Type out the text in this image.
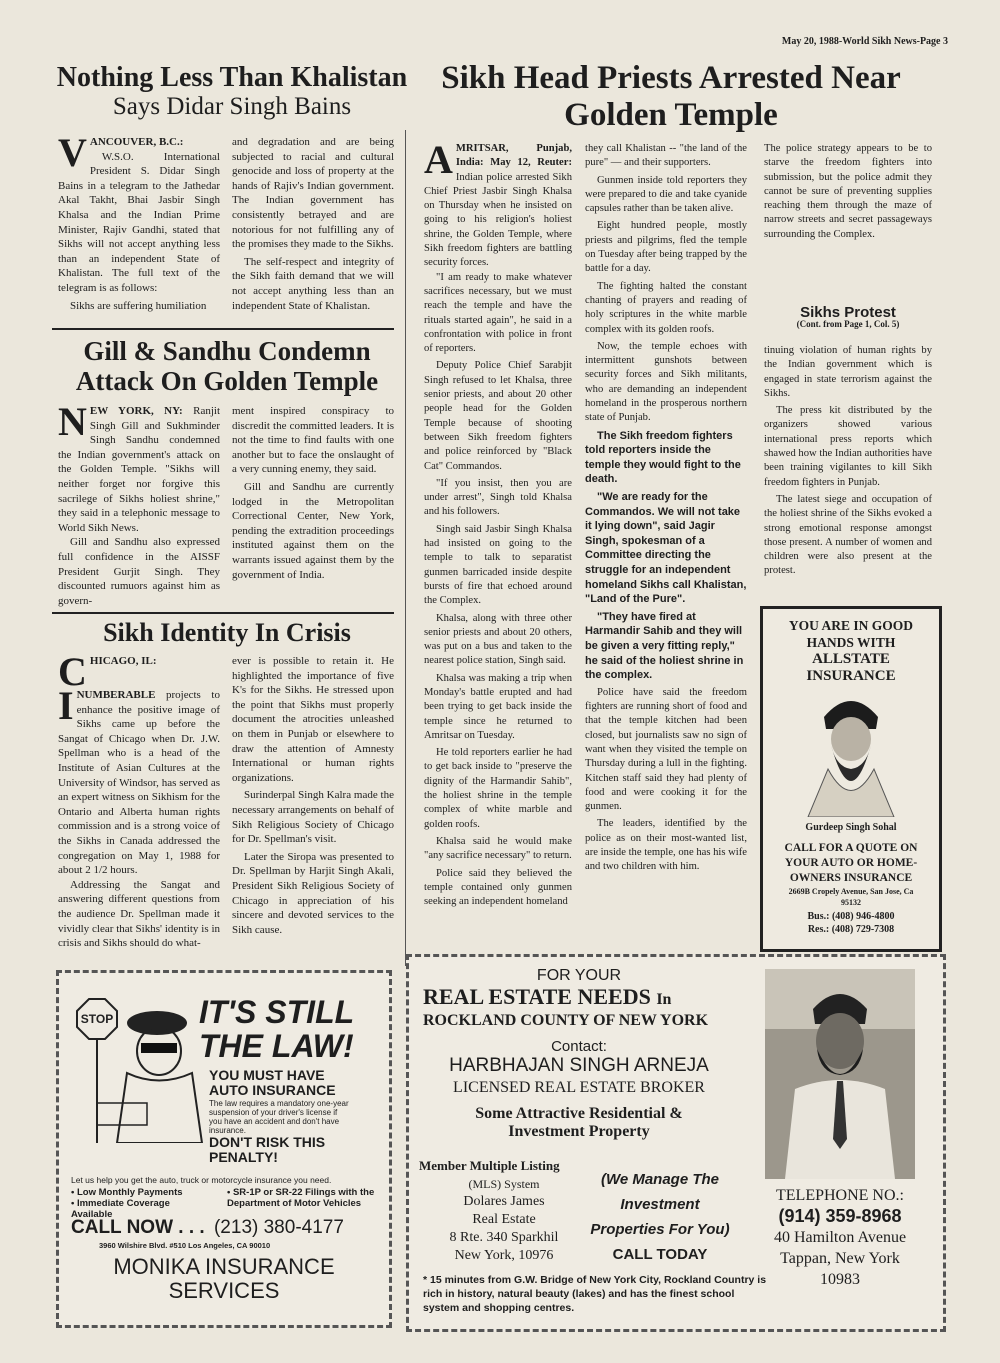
May 20, 1988-World Sikh News-Page 3
Nothing Less Than Khalistan
Says Didar Singh Bains
VANCOUVER, B.C.:

W.S.O. International President S. Didar Singh Bains in a telegram to the Jathedar Akal Takht, Bhai Jasbir Singh Khalsa and the Indian Prime Minister, Rajiv Gandhi, stated that Sikhs will not accept anything less than an independent State of Khalistan. The full text of the telegram is as follows:

Sikhs are suffering humiliation

and degradation and are being subjected to racial and cultural genocide and loss of property at the hands of Rajiv's Indian government. The Indian government has consistently betrayed and are notorious for not fulfilling any of the promises they made to the Sikhs.

The self-respect and integrity of the Sikh faith demand that we will not accept anything less than an independent State of Khalistan.

Gill & Sandhu Condemn
Attack On Golden Temple
NEW YORK, NY: Ranjit Singh Gill and Sukhminder Singh Sandhu condemned the Indian government's attack on the Golden Temple. "Sikhs will neither forget nor forgive this sacrilege of Sikhs holiest shrine," they said in a telephonic message to World Sikh News.

Gill and Sandhu also expressed full confidence in the AISSF President Gurjit Singh. They discounted rumuors against him as govern-

ment inspired conspiracy to discredit the committed leaders. It is not the time to find faults with one another but to face the onslaught of a very cunning enemy, they said.

Gill and Sandhu are currently lodged in the Metropolitan Correctional Center, New York, pending the extradition proceedings instituted against them on the warrants issued against them by the government of India.

Sikh Identity In Crisis
CHICAGO, IL:
I NUMBERABLE projects to enhance the positive image of Sikhs came up before the Sangat of Chicago when Dr. J.W. Spellman who is a head of the Institute of Asian Cultures at the University of Windsor, has served as an expert witness on Sikhism for the Ontario and Alberta human rights commission and is a strong voice of the Sikhs in Canada addressed the congregation on May 1, 1988 for about 2 1/2 hours.

Addressing the Sangat and answering different questions from the audience Dr. Spellman made it vividly clear that Sikhs' identity is in crisis and Sikhs should do what-

ever is possible to retain it. He highlighted the importance of five K's for the Sikhs. He stressed upon the point that Sikhs must properly document the atrocities unleashed on them in Punjab or elsewhere to draw the attention of Amnesty International or human rights organizations.

Surinderpal Singh Kalra made the necessary arrangements on behalf of Sikh Religious Society of Chicago for Dr. Spellman's visit.

Later the Siropa was presented to Dr. Spellman by Harjit Singh Akali, President Sikh Religious Society of Chicago in appreciation of his sincere and devoted services to the Sikh cause.

Sikh Head Priests Arrested Near
Golden Temple
AMRITSAR, Punjab, India: May 12, Reuter:

Indian police arrested Sikh Chief Priest Jasbir Singh Khalsa on Thursday when he insisted on going to his religion's holiest shrine, the Golden Temple, where Sikh freedom fighters are battling security forces.

"I am ready to make whatever sacrifices necessary, but we must reach the temple and have the rituals started again", he said in a confrontation with police in front of reporters.

Deputy Police Chief Sarabjit Singh refused to let Khalsa, three senior priests, and about 20 other people head for the Golden Temple because of shooting between Sikh freedom fighters and police reinforced by "Black Cat" Commandos.

"If you insist, then you are under arrest", Singh told Khalsa and his followers.

Singh said Jasbir Singh Khalsa had insisted on going to the temple to talk to separatist gunmen barricaded inside despite bursts of fire that echoed around the Complex.

Khalsa, along with three other senior priests and about 20 others, was put on a bus and taken to the nearest police station, Singh said.

Khalsa was making a trip when Monday's battle erupted and had been trying to get back inside the temple since he returned to Amritsar on Tuesday.

He told reporters earlier he had to get back inside to "preserve the dignity of the Harmandir Sahib", the holiest shrine in the temple complex of white marble and golden roofs.

Khalsa said he would make "any sacrifice necessary" to return.

Police said they believed the temple contained only gunmen seeking an independent homeland

they call Khalistan -- "the land of the pure" — and their supporters.

Gunmen inside told reporters they were prepared to die and take cyanide capsules rather than be taken alive.

Eight hundred people, mostly priests and pilgrims, fled the temple on Tuesday after being trapped by the battle for a day.

The fighting halted the constant chanting of prayers and reading of holy scriptures in the white marble complex with its golden roofs.

Now, the temple echoes with intermittent gunshots between security forces and Sikh militants, who are demanding an independent homeland in the prosperous northern state of Punjab.

The Sikh freedom fighters told reporters inside the temple they would fight to the death.

"We are ready for the Commandos. We will not take it lying down", said Jagir Singh, spokesman of a Committee directing the struggle for an independent homeland Sikhs call Khalistan, "Land of the Pure".

"They have fired at Harmandir Sahib and they will be given a very fitting reply," he said of the holiest shrine in the complex.

Police have said the freedom fighters are running short of food and that the temple kitchen had been closed, but journalists saw no sign of want when they visited the temple on Thursday during a lull in the fighting. Kitchen staff said they had plenty of food and were cooking it for the gunmen.

The leaders, identified by the police as on their most-wanted list, are inside the temple, one has his wife and two children with him.

The police strategy appears to be to starve the freedom fighters into submission, but the police admit they cannot be sure of preventing supplies reaching them through the maze of narrow streets and secret passageways surrounding the Complex.

Sikhs Protest
(Cont. from Page 1, Col. 5)

tinuing violation of human rights by the Indian government which is engaged in state terrorism against the Sikhs.

The press kit distributed by the organizers showed various international press reports which shawed how the Indian authorities have been training vigilantes to kill Sikh freedom fighters in Punjab.

The latest siege and occupation of the holiest shrine of the Sikhs evoked a strong emotional response amongst those present. A number of women and children were also present at the protest.

YOU ARE IN GOOD
HANDS WITH
ALLSTATE
INSURANCE
Gurdeep Singh Sohal
CALL FOR A QUOTE ON
YOUR AUTO OR HOME-
OWNERS INSURANCE
2669B Cropely Avenue, San Jose, Ca
95132
Bus.: (408) 946-4800
Res.: (408) 729-7308
STOP	IT'S STILL
THE LAW!
YOU MUST HAVE
AUTO INSURANCE
The law requires a mandatory one-year suspension of your driver's license if you have an accident and don't have insurance.
DON'T RISK THIS
PENALTY!
Let us help you get the auto, truck or motorcycle insurance you need.
• Low Monthly Payments
• Immediate Coverage Available
• SR-1P or SR-22 Filings with the Department of Motor Vehicles
CALL NOW . . . (213) 380-4177
3960 Wilshire Blvd. #510 Los Angeles, CA 90010
MONIKA INSURANCE
SERVICES
FOR YOUR
REAL ESTATE NEEDS In
ROCKLAND COUNTY OF NEW YORK
Contact:
HARBHAJAN SINGH ARNEJA
LICENSED REAL ESTATE BROKER
Some Attractive Residential &
Investment Property
Member Multiple Listing
(MLS) System
Dolares James
Real Estate
8 Rte. 340 Sparkhil
New York, 10976
(We Manage The
Investment
Properties For You)
CALL TODAY
TELEPHONE NO.:
(914) 359-8968
40 Hamilton Avenue
Tappan, New York
10983
* 15 minutes from G.W. Bridge of New York City, Rockland Country is rich in history, natural beauty (lakes) and has the finest school system and shopping centres.
